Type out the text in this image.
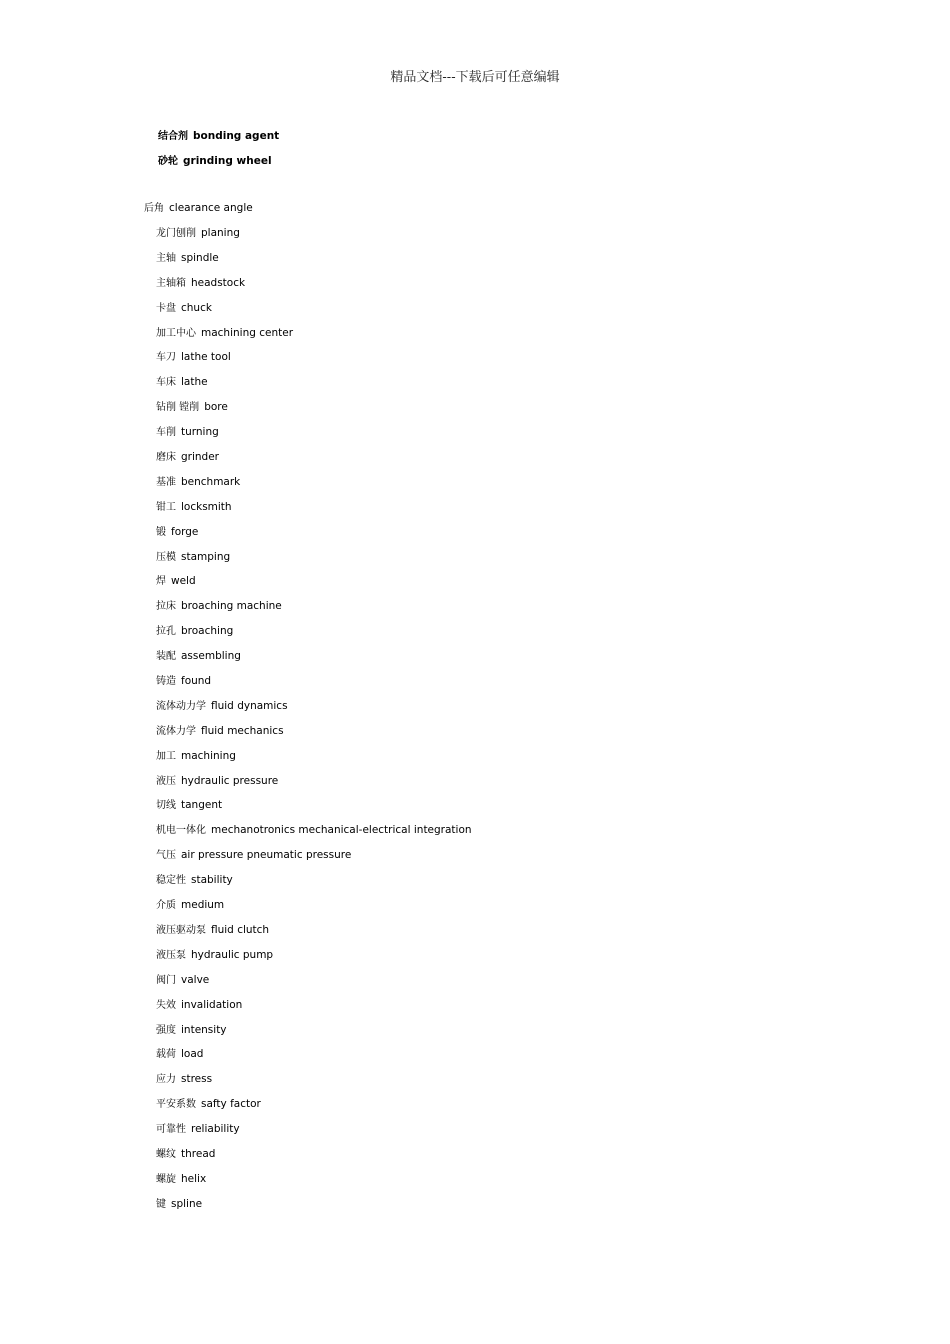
精品文档---下载后可任意编辑
结合剂 bonding agent
砂轮 grinding wheel
后角 clearance angle
龙门刨削 planing
主轴 spindle
主轴箱 headstock
卡盘 chuck
加工中心 machining center
车刀 lathe tool
车床 lathe
钻削 镗削 bore
车削 turning
磨床 grinder
基准 benchmark
钳工 locksmith
锻 forge
压模 stamping
焊 weld
拉床 broaching machine
拉孔 broaching
装配 assembling
铸造 found
流体动力学 fluid dynamics
流体力学 fluid mechanics
加工 machining
液压 hydraulic pressure
切线 tangent
机电一体化 mechanotronics mechanical-electrical integration
气压 air pressure pneumatic pressure
稳定性 stability
介质 medium
液压驱动泵 fluid clutch
液压泵 hydraulic pump
阀门 valve
失效 invalidation
强度 intensity
载荷 load
应力 stress
平安系数 safty factor
可靠性 reliability
螺纹 thread
螺旋 helix
键 spline
